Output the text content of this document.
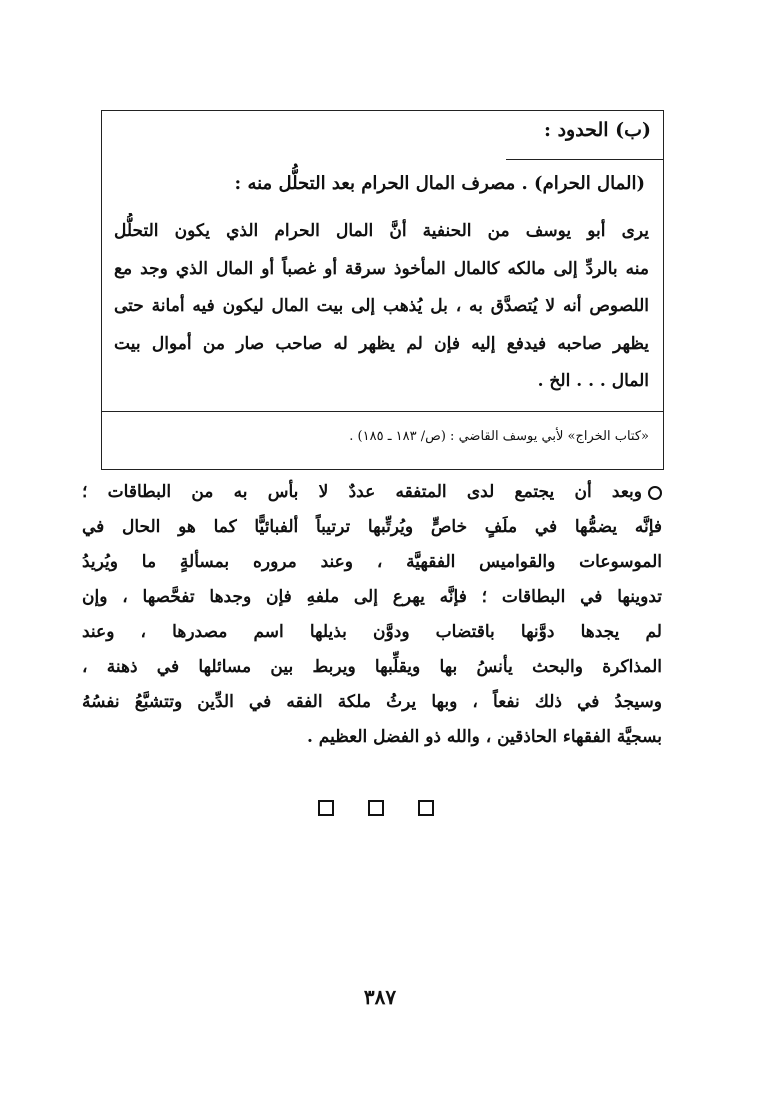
(ب) الحدود :
(المال الحرام) . مصرف المال الحرام بعد التحلُّل منه :
يرى أبو يوسف من الحنفية أنَّ المال الحرام الذي يكون التحلُّل
منه بالردِّ إلى مالكه كالمال المأخوذ سرقة أو غصباً أو المال الذي وجد مع
اللصوص أنه لا يُتصدَّق به ، بل يُذهب إلى بيت المال ليكون فيه أمانة حتى
يظهر صاحبه فيدفع إليه فإن لم يظهر له صاحب صار من أموال بيت
المال . . . الخ .
«كتاب الخراج» لأبي يوسف القاضي : (ص/ ١٨٣ ـ ١٨٥) .
وبعد أن يجتمع لدى المتفقه عددٌ لا بأس به من البطاقات ؛
فإنَّه يضمُّها في ملَفٍ خاصٍّ ويُرتِّبها ترتيباً ألفبائيًّا كما هو الحال في
الموسوعات والقواميس الفقهيَّة ، وعند مروره بمسألةٍ ما ويُريدُ
تدوينها في البطاقات ؛ فإنَّه يهرع إلى ملفهِ فإن وجدها تفحَّصها ، وإن
لم يجدها دوَّنها باقتضاب ودوَّن بذيلها اسم مصدرها ، وعند
المذاكرة والبحث يأنسُ بها ويقلِّبها ويربط بين مسائلها في ذهنة ،
وسيجدُ في ذلك نفعاً ، وبها يرثُ ملكة الفقه في الدِّين وتتشبَّعُ نفسُهُ
بسجيَّة الفقهاء الحاذقين ، والله ذو الفضل العظيم .
٣٨٧
